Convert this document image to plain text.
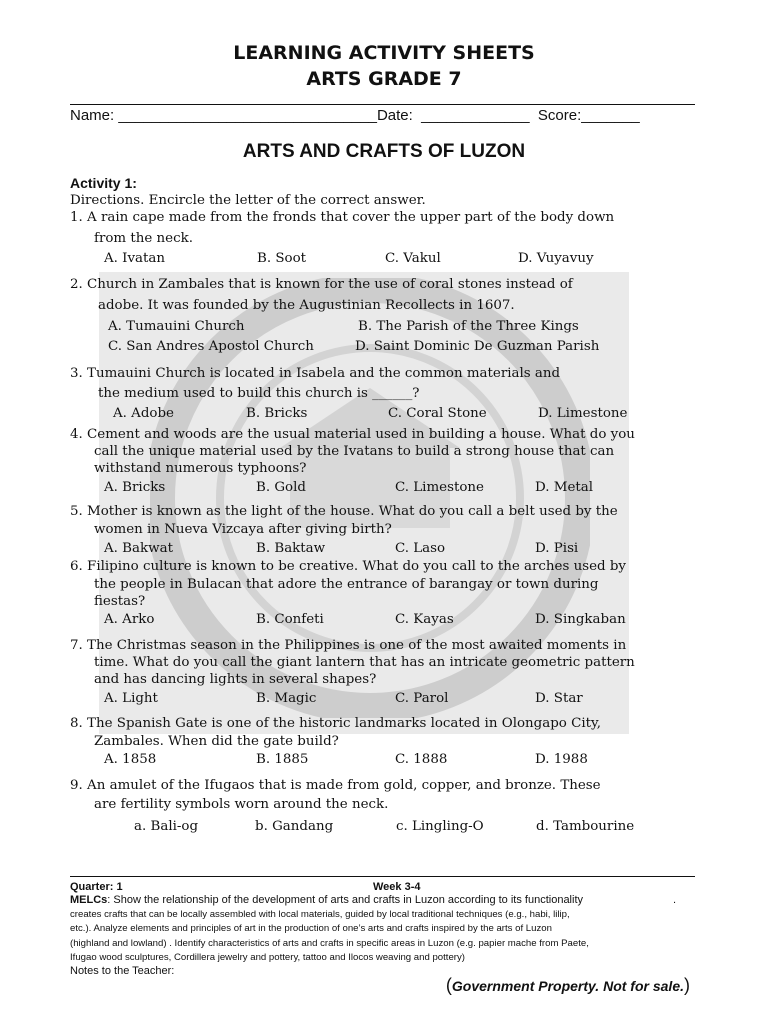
LEARNING ACTIVITY SHEETS
ARTS GRADE 7
Name: _______________________________Date:  _____________  Score:_______
ARTS AND CRAFTS OF LUZON
Activity 1:
Directions. Encircle the letter of the correct answer.
1. A rain cape made from the fronds that cover the upper part of the body down
from the neck.
A. Ivatan	B. Soot	C. Vakul	D. Vuyavuy
2. Church in Zambales that is known for the use of coral stones instead of
adobe. It was founded by the Augustinian Recollects in 1607.
A. Tumauini Church	B. The Parish of the Three Kings
C. San Andres Apostol Church	D. Saint Dominic De Guzman Parish
3. Tumauini Church is located in Isabela and the common materials and
the medium used to build this church is ______?
A. Adobe	B. Bricks	C. Coral Stone	D. Limestone
4. Cement and woods are the usual material used in building a house. What do you
call the unique material used by the Ivatans to build a strong house that can
withstand numerous typhoons?
A. Bricks	B. Gold	C. Limestone	D. Metal
5. Mother is known as the light of the house. What do you call a belt used by the
women in Nueva Vizcaya after giving birth?
A. Bakwat	B. Baktaw	C. Laso	D. Pisi
6. Filipino culture is known to be creative. What do you call to the arches used by
the people in Bulacan that adore the entrance of barangay or town during
fiestas?
A. Arko	B. Confeti	C. Kayas	D. Singkaban
7. The Christmas season in the Philippines is one of the most awaited moments in
time. What do you call the giant lantern that has an intricate geometric pattern
and has dancing lights in several shapes?
A. Light	B. Magic	C. Parol	D. Star
8. The Spanish Gate is one of the historic landmarks located in Olongapo City,
Zambales. When did the gate build?
A. 1858	B. 1885	C. 1888	D. 1988
9. An amulet of the Ifugaos that is made from gold, copper, and bronze. These
are fertility symbols worn around the neck.
a. Bali-og	b. Gandang	c. Lingling-O	d. Tambourine
Quarter: 1	Week 3-4
MELCs: Show the relationship of the development of arts and crafts in Luzon according to its functionality	.
creates crafts that can be locally assembled with local materials, guided by local traditional techniques (e.g., habi, lilip,
etc.). Analyze elements and principles of art in the production of one’s arts and crafts inspired by the arts of Luzon
(highland and lowland) . Identify characteristics of arts and crafts in specific areas in Luzon (e.g. papier mache from Paete,
Ifugao wood sculptures, Cordillera jewelry and pottery, tattoo and Ilocos weaving and pottery)
Notes to the Teacher:
(Government Property. Not for sale.)
